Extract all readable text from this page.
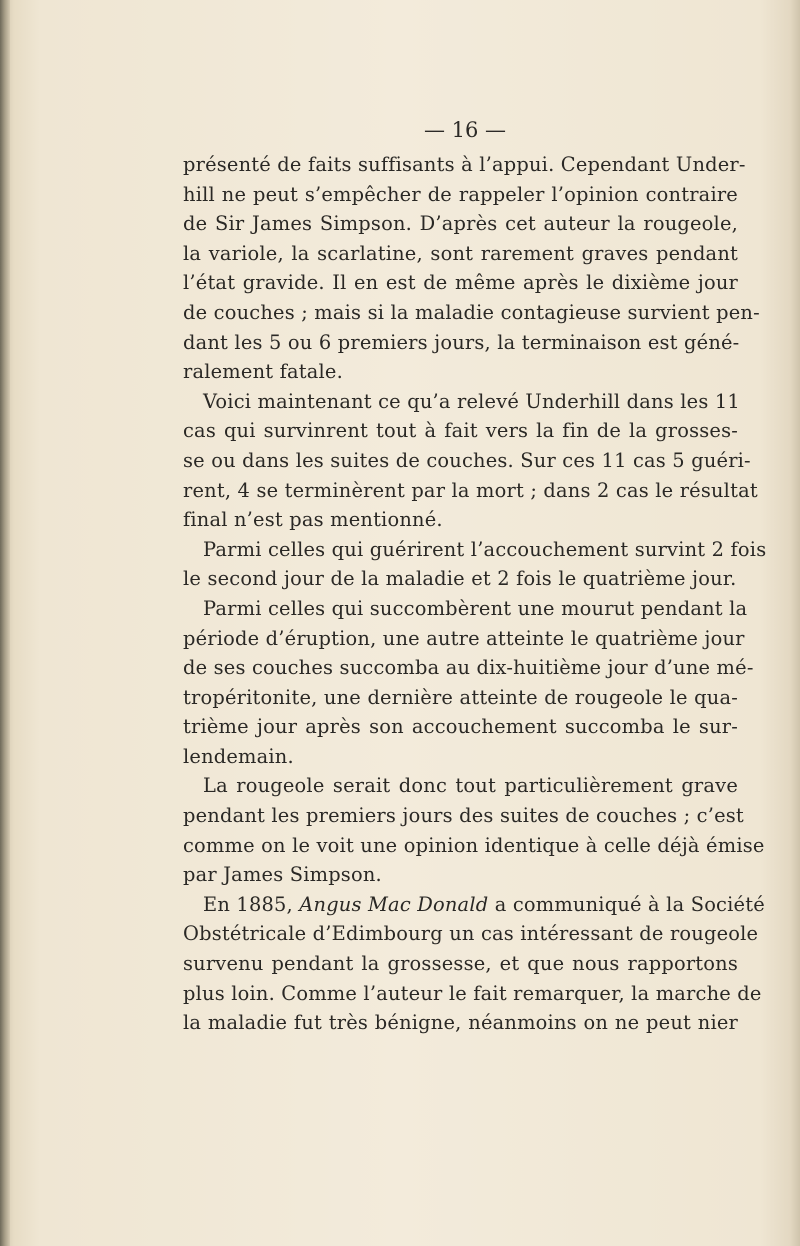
— 16 —
présenté de faits suffisants à l’appui. Cependant Under-
hill ne peut s’empêcher de rappeler l’opinion contraire
de Sir James Simpson. D’après cet auteur la rougeole,
la variole, la scarlatine, sont rarement graves pendant
l’état gravide. Il en est de même après le dixième jour
de couches ; mais si la maladie contagieuse survient pen-
dant les 5 ou 6 premiers jours, la terminaison est géné-
ralement fatale.
Voici maintenant ce qu’a relevé Underhill dans les 11
cas qui survinrent tout à fait vers la fin de la grosses-
se ou dans les suites de couches. Sur ces 11 cas 5 guéri-
rent, 4 se terminèrent par la mort ; dans 2 cas le résultat
final n’est pas mentionné.
Parmi celles qui guérirent l’accouchement survint 2 fois
le second jour de la maladie et 2 fois le quatrième jour.
Parmi celles qui succombèrent une mourut pendant la
période d’éruption, une autre atteinte le quatrième jour
de ses couches succomba au dix-huitième jour d’une mé-
tropéritonite, une dernière atteinte de rougeole le qua-
trième jour après son accouchement succomba le sur-
lendemain.
La rougeole serait donc tout particulièrement grave
pendant les premiers jours des suites de couches ; c’est
comme on le voit une opinion identique à celle déjà émise
par James Simpson.
En 1885, Angus Mac Donald a communiqué à la Société
Obstétricale d’Edimbourg un cas intéressant de rougeole
survenu pendant la grossesse, et que nous rapportons
plus loin. Comme l’auteur le fait remarquer, la marche de
la maladie fut très bénigne, néanmoins on ne peut nier
